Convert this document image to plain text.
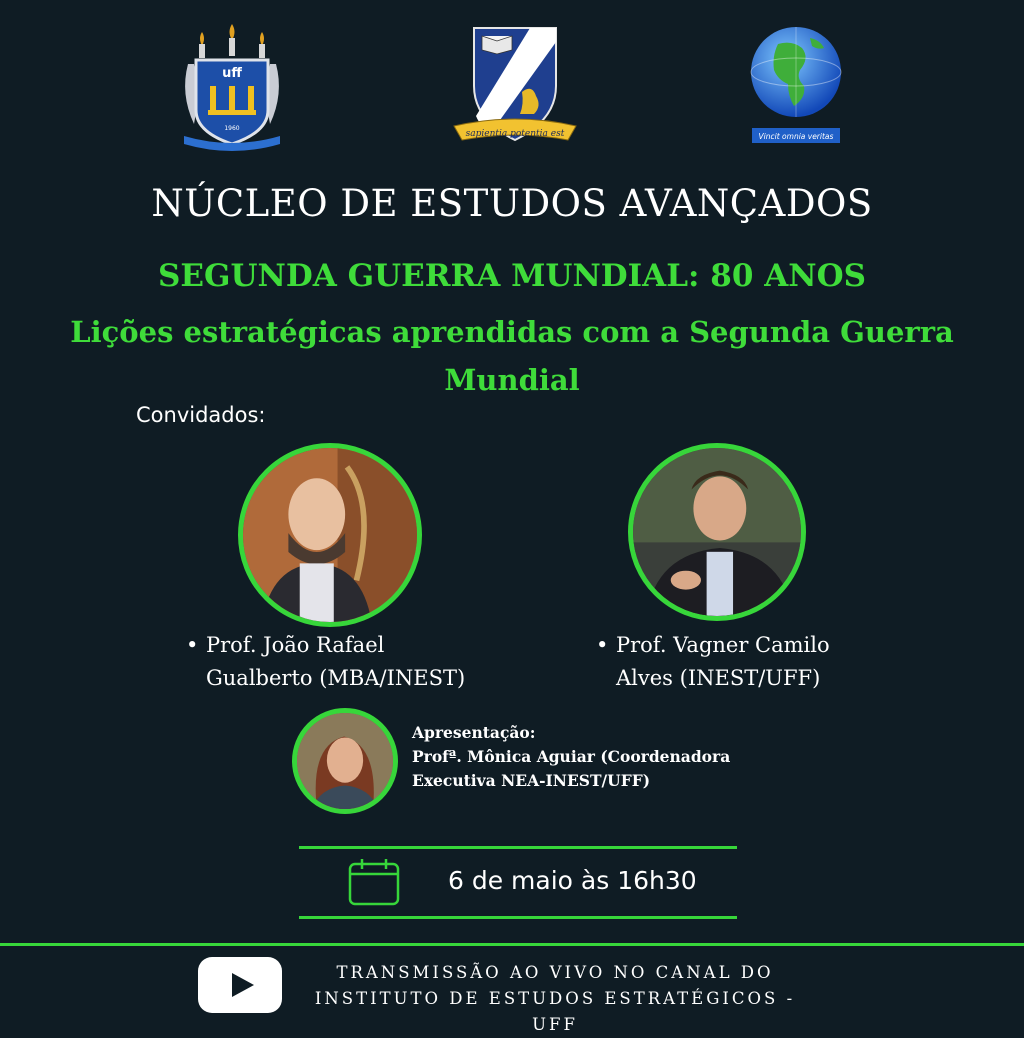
uff
1960
sapientia potentia est	Vincit omnia veritas
NÚCLEO DE ESTUDOS AVANÇADOS
SEGUNDA GUERRA MUNDIAL: 80 ANOS
Lições estratégicas aprendidas com a Segunda Guerra
Mundial
Convidados:
• Prof. João Rafael
Gualberto (MBA/INEST)
• Prof. Vagner Camilo
Alves (INEST/UFF)
Apresentação:
Profª. Mônica Aguiar (Coordenadora
Executiva NEA-INEST/UFF)
6 de maio às 16h30
TRANSMISSÃO AO VIVO NO CANAL DO
INSTITUTO DE ESTUDOS ESTRATÉGICOS - UFF
